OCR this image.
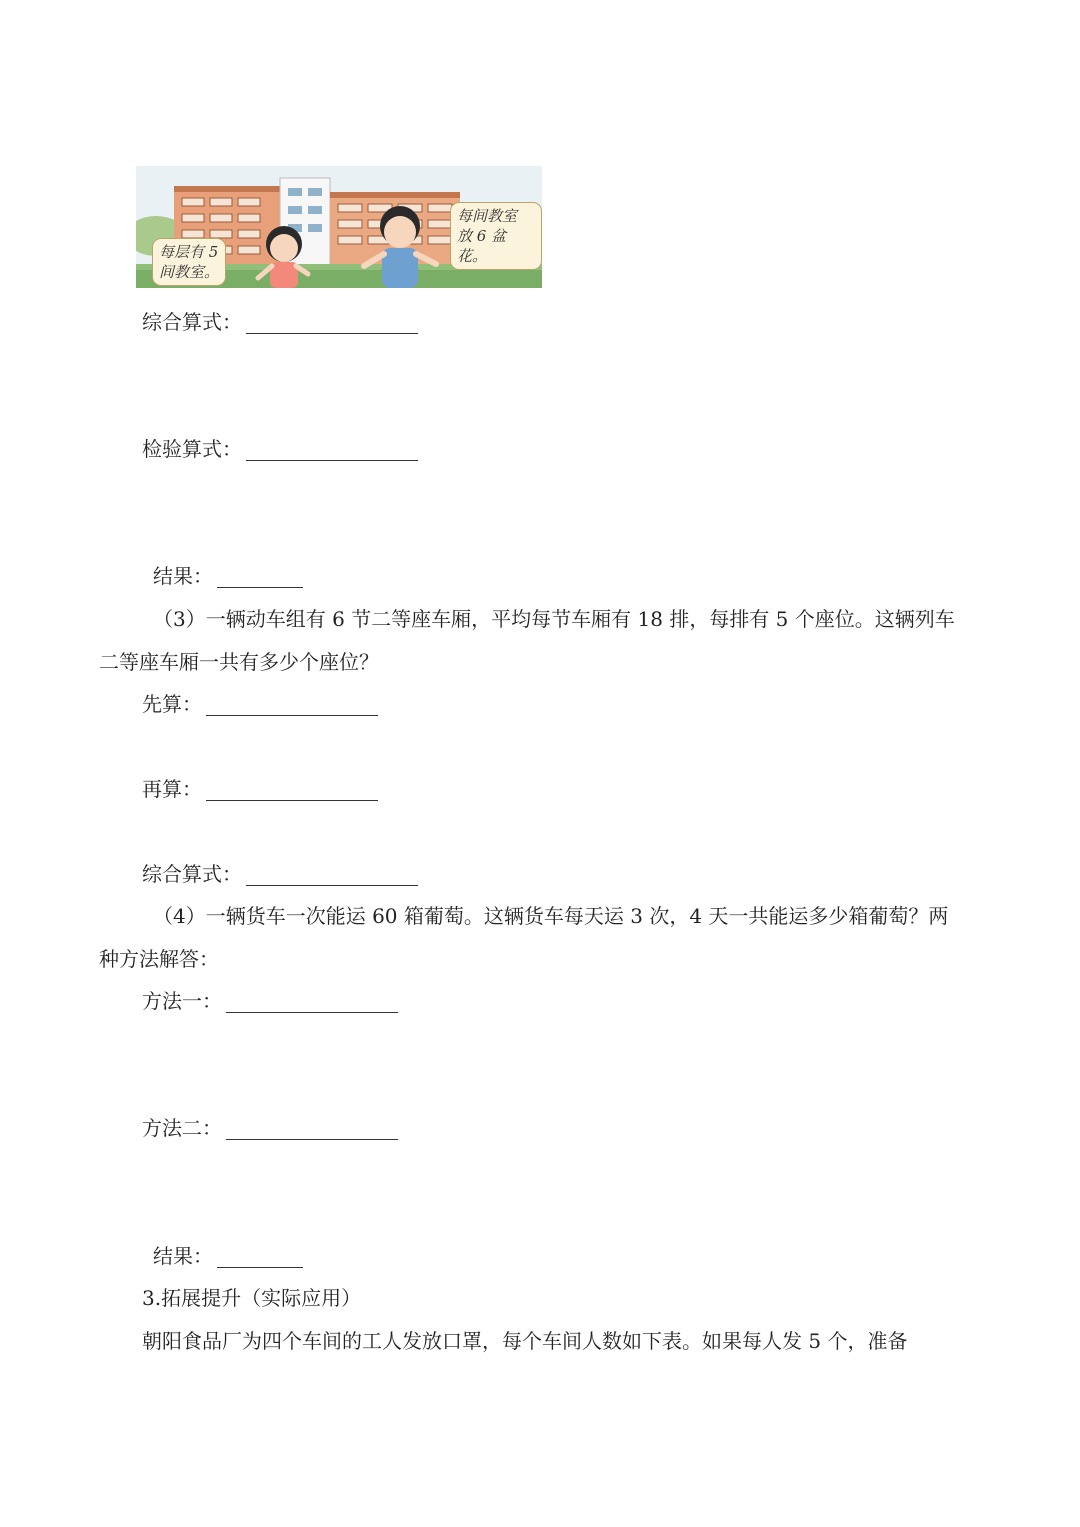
每层有 5
间教室。
每间教室
放 6 盆花。
综合算式：
检验算式：
结果：
（3）一辆动车组有 6 节二等座车厢，平均每节车厢有 18 排，每排有 5 个座位。这辆列车
二等座车厢一共有多少个座位？
先算：
再算：
综合算式：
（4）一辆货车一次能运 60 箱葡萄。这辆货车每天运 3 次，4 天一共能运多少箱葡萄？两
种方法解答：
方法一：
方法二：
结果：
3.拓展提升（实际应用）
朝阳食品厂为四个车间的工人发放口罩，每个车间人数如下表。如果每人发 5 个，准备
